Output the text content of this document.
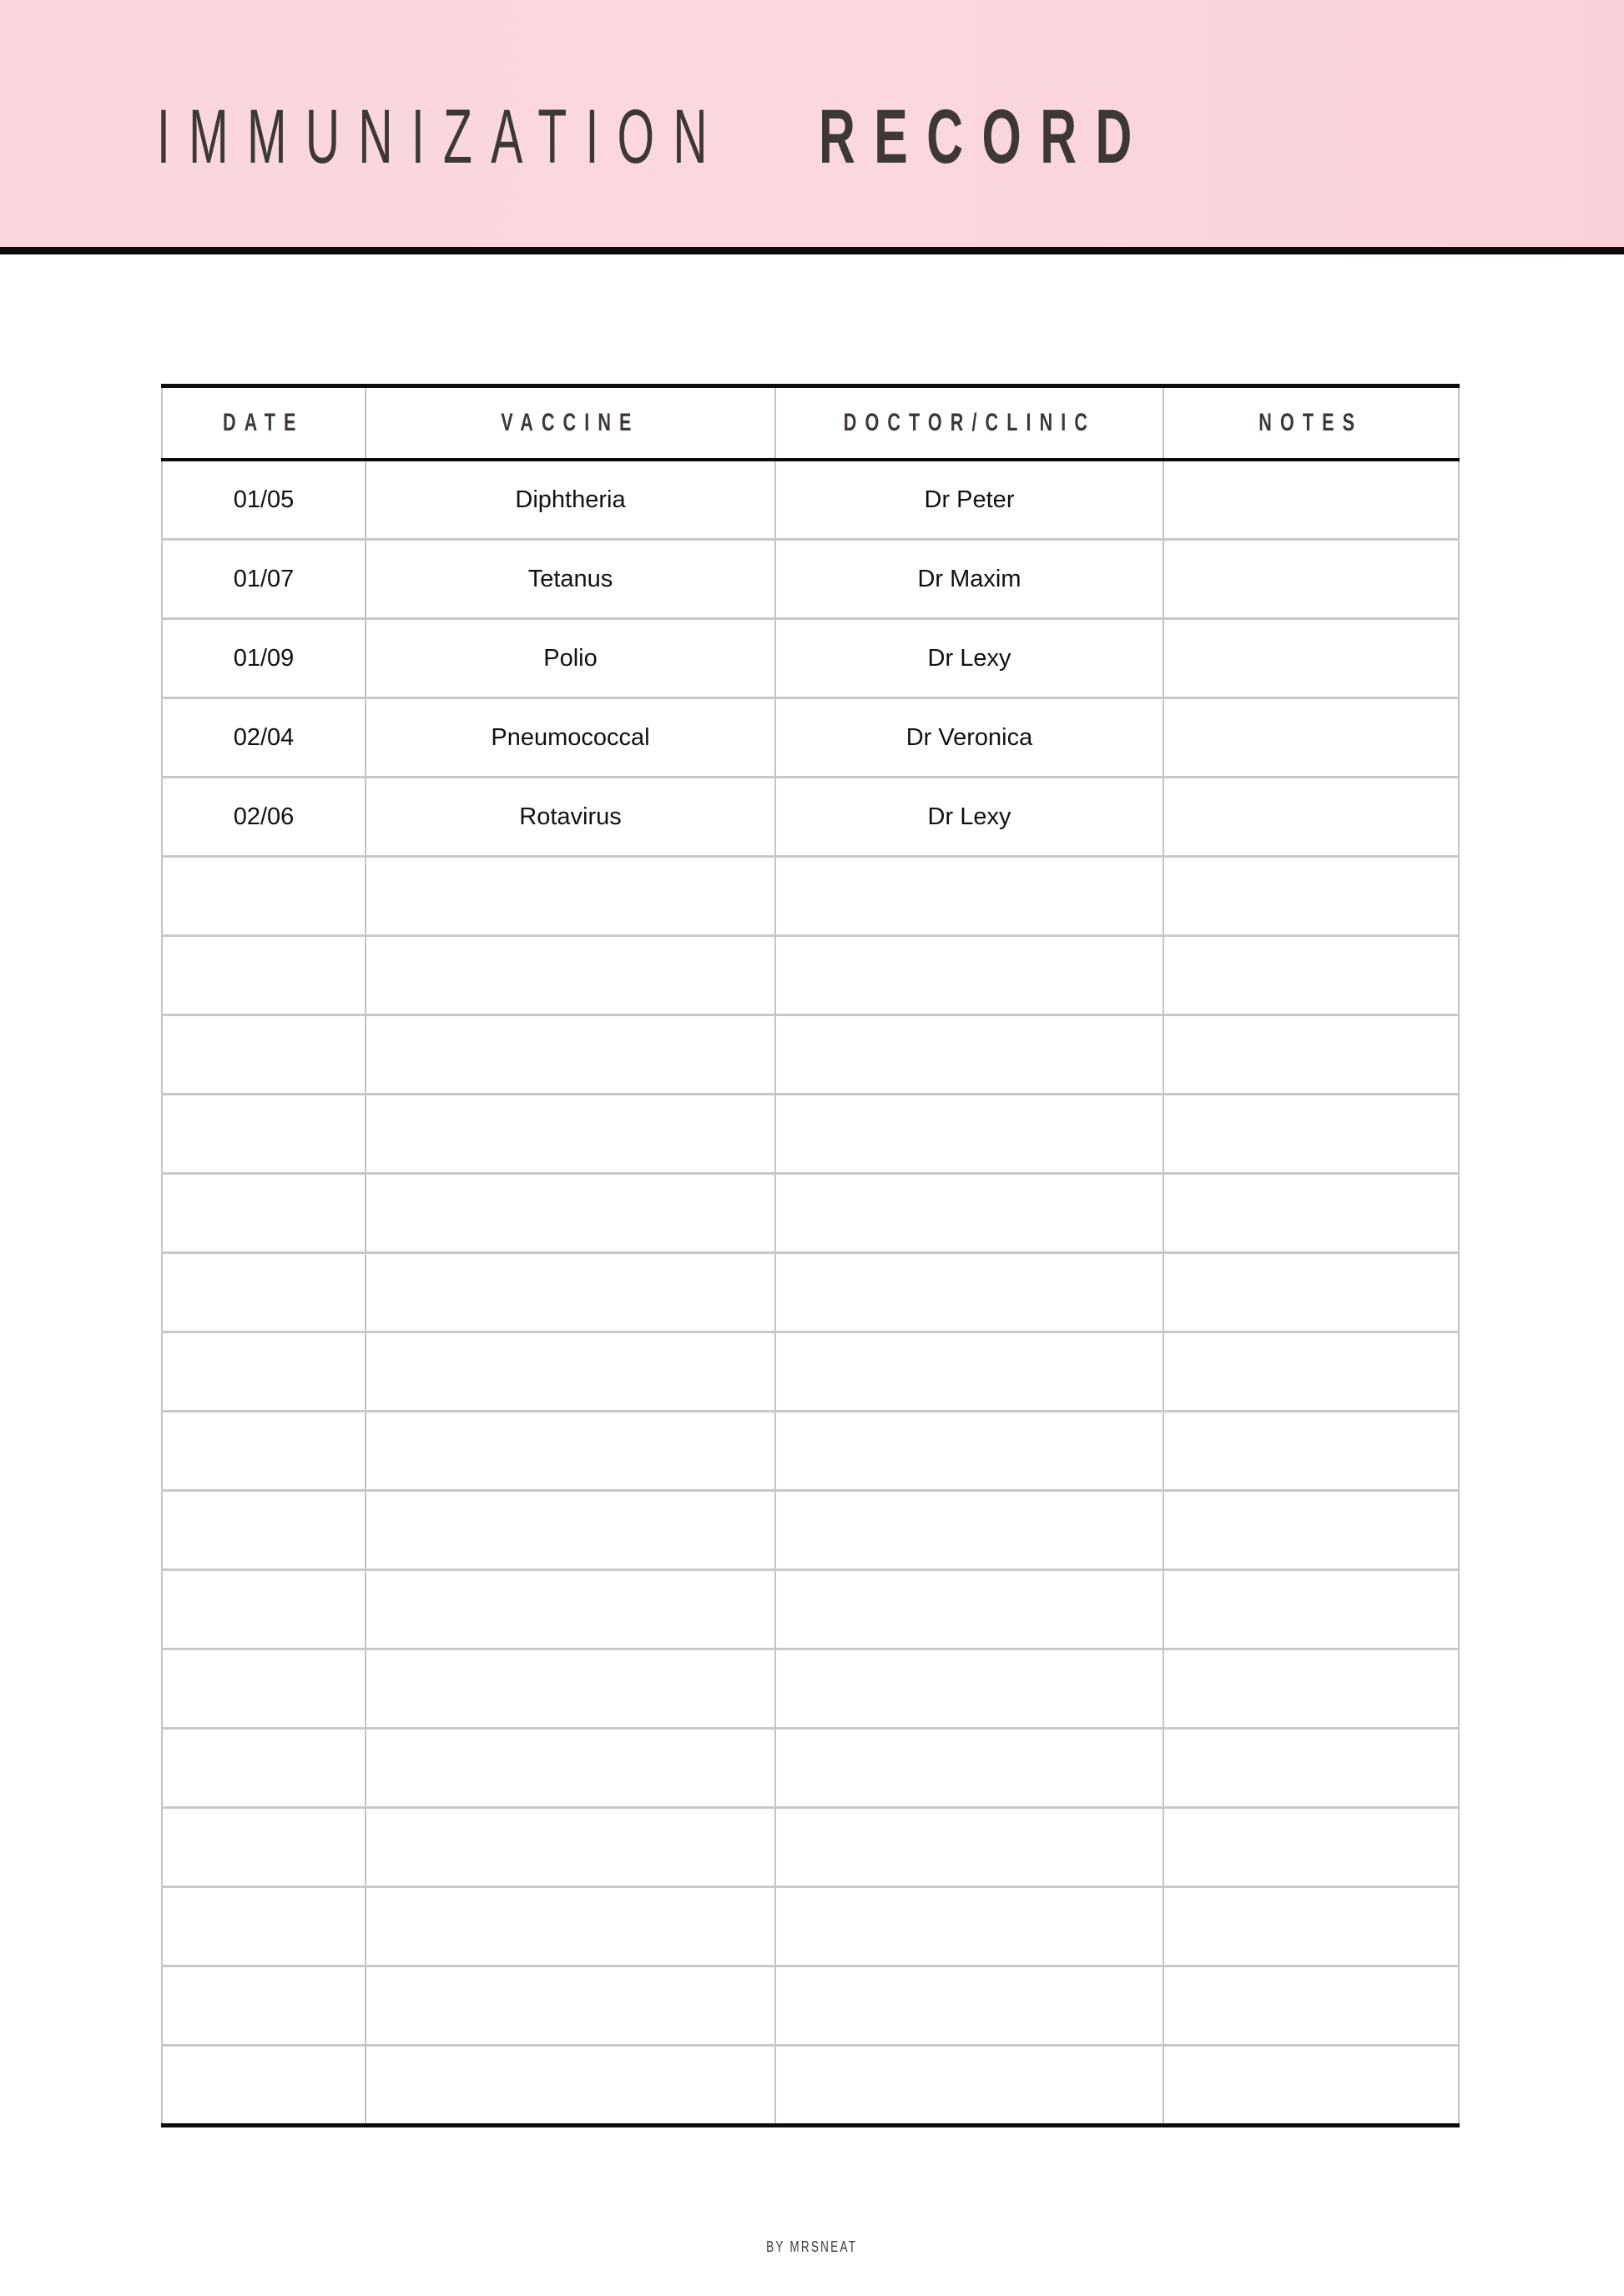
IMMUNIZATION RECORD
DATE	VACCINE	DOCTOR/CLINIC	NOTES
01/05	Diphtheria	Dr Peter	
01/07	Tetanus	Dr Maxim	
01/09	Polio	Dr Lexy	
02/04	Pneumococcal	Dr Veronica	
02/06	Rotavirus	Dr Lexy	

BY MRSNEAT
